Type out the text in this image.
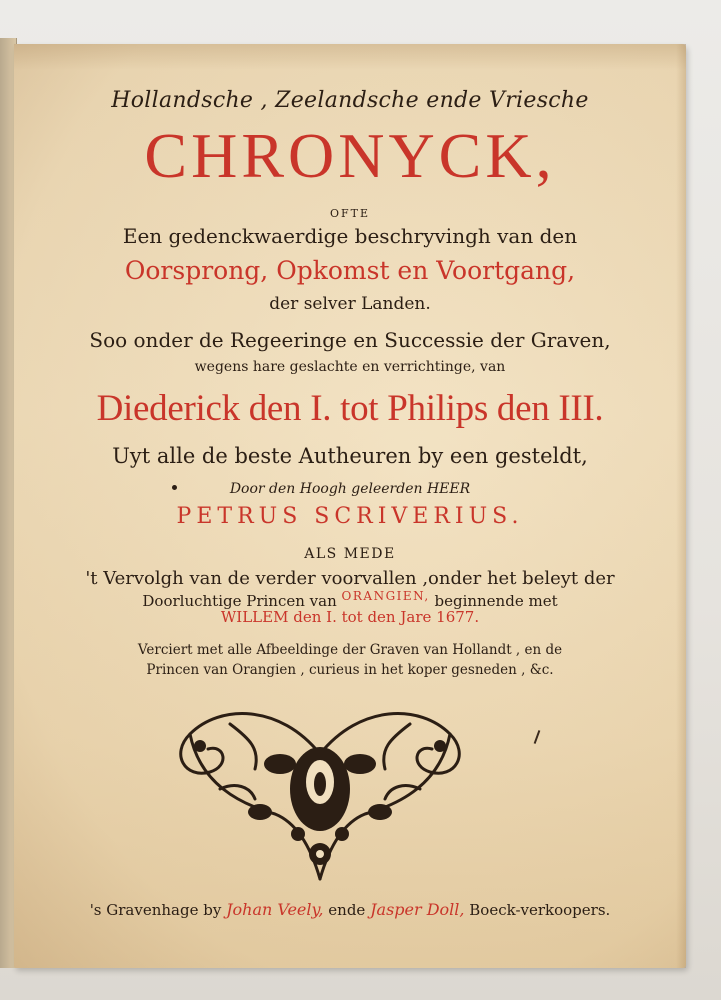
Hollandsche , Zeelandsche ende Vriesche
CHRONYCK,
OFTE
Een gedenckwaerdige beschryvingh van den
Oorsprong, Opkomst en Voortgang,
der selver Landen.
Soo onder de Regeeringe en Successie der Graven,
wegens hare geslachte en verrichtinge, van
Diederick den I. tot Philips den III.
Uyt alle de beste Autheuren by een gesteldt,
Door den Hoogh geleerden HEER
PETRUS SCRIVERIUS.
ALS MEDE
't Vervolgh van de verder voorvallen ,onder het beleyt der
Doorluchtige Princen van $^{ORANGIEN,}$ beginnende met
WILLEM den I. tot den Jare 1677.
Verciert met alle Afbeeldinge der Graven van Hollandt , en de
Princen van Orangien , curieus in het koper gesneden , &c.
's Gravenhage by Johan Veely, ende Jasper Doll, Boeck-verkoopers.
